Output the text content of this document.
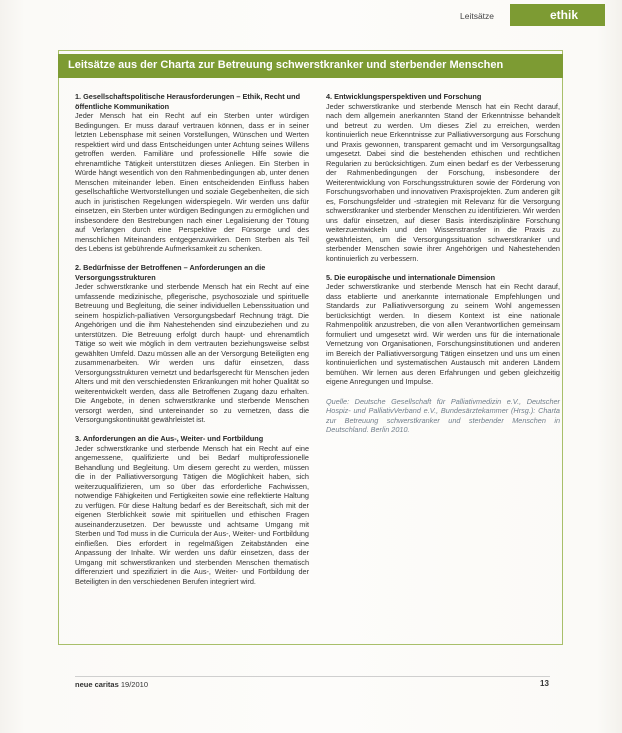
Leitsätze	ethik
Leitsätze aus der Charta zur Betreuung schwerstkranker und sterbender Menschen
1. Gesellschaftspolitische Herausforderungen – Ethik, Recht und öffentliche Kommunikation

Jeder Mensch hat ein Recht auf ein Sterben unter würdigen Bedingungen. Er muss darauf vertrauen können, dass er in seiner letzten Lebensphase mit seinen Vorstellungen, Wünschen und Werten respektiert wird und dass Entscheidungen unter Achtung seines Willens getroffen werden. Familiäre und professionelle Hilfe sowie die ehrenamtliche Tätigkeit unterstützen dieses Anliegen. Ein Sterben in Würde hängt wesentlich von den Rahmenbedingungen ab, unter denen Menschen miteinander leben. Einen entscheidenden Einfluss haben gesellschaftliche Wertvorstellungen und soziale Gegebenheiten, die sich auch in juristischen Regelungen widerspiegeln. Wir werden uns dafür einsetzen, ein Sterben unter würdigen Bedingungen zu ermöglichen und insbesondere den Bestrebungen nach einer Legalisierung der Tötung auf Verlangen durch eine Perspektive der Fürsorge und des menschlichen Miteinanders entgegenzuwirken. Dem Sterben als Teil des Lebens ist gebührende Aufmerksamkeit zu schenken.

2. Bedürfnisse der Betroffenen – Anforderungen an die Versorgungsstrukturen

Jeder schwerstkranke und sterbende Mensch hat ein Recht auf eine umfassende medizinische, pflegerische, psychosoziale und spirituelle Betreuung und Begleitung, die seiner individuellen Lebenssituation und seinem hospizlich-palliativen Versorgungsbedarf Rechnung trägt. Die Angehörigen und die ihm Nahestehenden sind einzubeziehen und zu unterstützen. Die Betreuung erfolgt durch haupt- und ehrenamtlich Tätige so weit wie möglich in dem vertrauten beziehungsweise selbst gewählten Umfeld. Dazu müssen alle an der Versorgung Beteiligten eng zusammenarbeiten. Wir werden uns dafür einsetzen, dass Versorgungsstrukturen vernetzt und bedarfsgerecht für Menschen jeden Alters und mit den verschiedensten Erkrankungen mit hoher Qualität so weiterentwickelt werden, dass alle Betroffenen Zugang dazu erhalten. Die Angebote, in denen schwerstkranke und sterbende Menschen versorgt werden, sind untereinander so zu vernetzen, dass die Versorgungskontinuität gewährleistet ist.

3. Anforderungen an die Aus-, Weiter- und Fortbildung

Jeder schwerstkranke und sterbende Mensch hat ein Recht auf eine angemessene, qualifizierte und bei Bedarf multiprofessionelle Behandlung und Begleitung. Um diesem gerecht zu werden, müssen die in der Palliativversorgung Tätigen die Möglichkeit haben, sich weiterzuqualifizieren, um so über das erforderliche Fachwissen, notwendige Fähigkeiten und Fertigkeiten sowie eine reflektierte Haltung zu verfügen. Für diese Haltung bedarf es der Bereitschaft, sich mit der eigenen Sterblichkeit sowie mit spirituellen und ethischen Fragen auseinanderzusetzen. Der bewusste und achtsame Umgang mit Sterben und Tod muss in die Curricula der Aus-, Weiter- und Fortbildung einfließen. Dies erfordert in regelmäßigen Zeitabständen eine Anpassung der Inhalte. Wir werden uns dafür einsetzen, dass der Umgang mit schwerstkranken und sterbenden Menschen thematisch differenziert und spezifiziert in die Aus-, Weiter- und Fortbildung der Beteiligten in den verschiedenen Berufen integriert wird.

4. Entwicklungsperspektiven und Forschung

Jeder schwerstkranke und sterbende Mensch hat ein Recht darauf, nach dem allgemein anerkannten Stand der Erkenntnisse behandelt und betreut zu werden. Um dieses Ziel zu erreichen, werden kontinuierlich neue Erkenntnisse zur Palliativversorgung aus Forschung und Praxis gewonnen, transparent gemacht und im Versorgungsalltag umgesetzt. Dabei sind die bestehenden ethischen und rechtlichen Regularien zu berücksichtigen. Zum einen bedarf es der Verbesserung der Rahmenbedingungen der Forschung, insbesondere der Weiterentwicklung von Forschungsstrukturen sowie der Förderung von Forschungsvorhaben und innovativen Praxisprojekten. Zum anderen gilt es, Forschungsfelder und -strategien mit Relevanz für die Versorgung schwerstkranker und sterbender Menschen zu identifizieren. Wir werden uns dafür einsetzen, auf dieser Basis interdisziplinäre Forschung weiterzuentwickeln und den Wissenstransfer in die Praxis zu gewährleisten, um die Versorgungssituation schwerstkranker und sterbender Menschen sowie ihrer Angehörigen und Nahestehenden kontinuierlich zu verbessern.

5. Die europäische und internationale Dimension

Jeder schwerstkranke und sterbende Mensch hat ein Recht darauf, dass etablierte und anerkannte internationale Empfehlungen und Standards zur Palliativversorgung zu seinem Wohl angemessen berücksichtigt werden. In diesem Kontext ist eine nationale Rahmenpolitik anzustreben, die von allen Verantwortlichen gemeinsam formuliert und umgesetzt wird. Wir werden uns für die internationale Vernetzung von Organisationen, Forschungsinstitutionen und anderen im Bereich der Palliativversorgung Tätigen einsetzen und uns um einen kontinuierlichen und systematischen Austausch mit anderen Ländern bemühen. Wir lernen aus deren Erfahrungen und geben gleichzeitig eigene Anregungen und Impulse.

Quelle: Deutsche Gesellschaft für Palliativmedizin e.V., Deutscher Hospiz- und PalliativVerband e.V., Bundesärztekammer (Hrsg.): Charta zur Betreuung schwerstkranker und sterbender Menschen in Deutschland. Berlin 2010.

neue caritas 19/2010	13
